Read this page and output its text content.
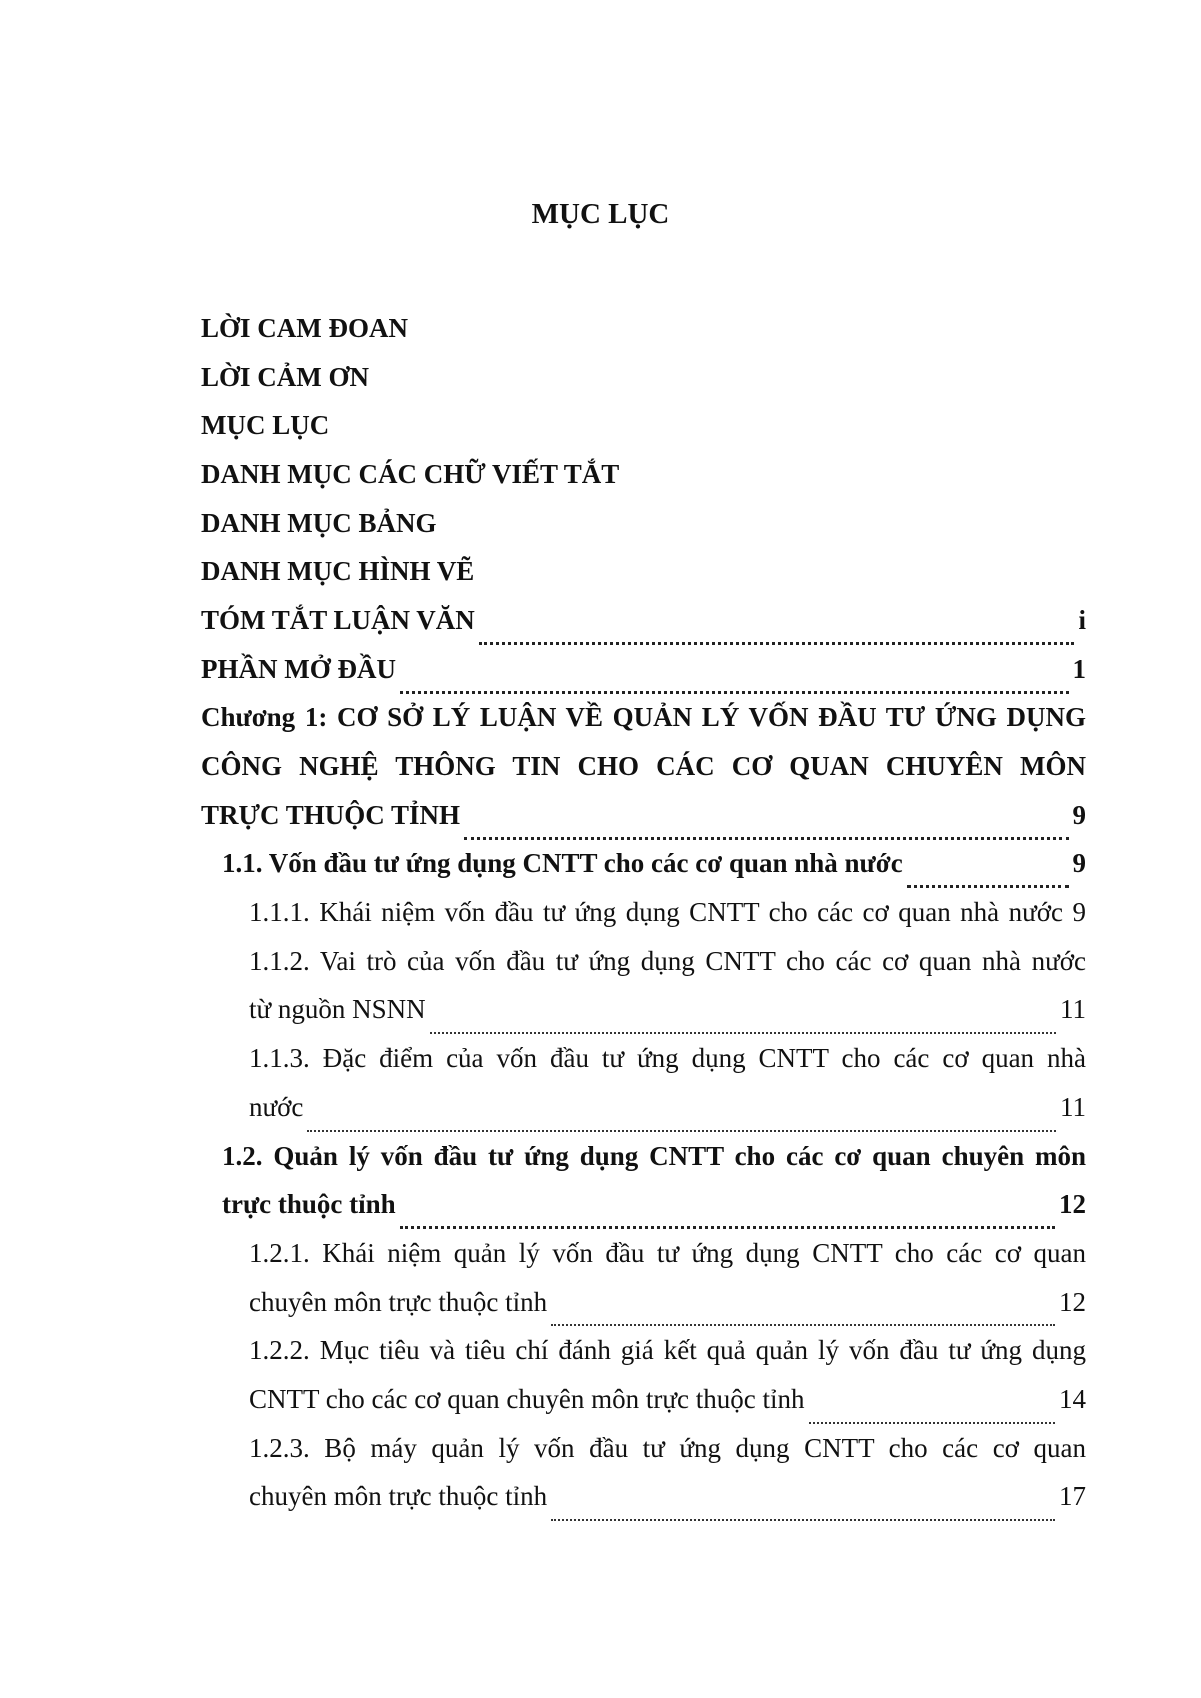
MỤC LỤC
LỜI CAM ĐOAN
LỜI CẢM ƠN
MỤC LỤC
DANH MỤC CÁC CHỮ VIẾT TẮT
DANH MỤC BẢNG
DANH MỤC HÌNH VẼ
TÓM TẮT LUẬN VĂN	i
PHẦN MỞ ĐẦU	1
Chương 1: CƠ SỞ LÝ LUẬN VỀ QUẢN LÝ VỐN ĐẦU TƯ ỨNG DỤNG
CÔNG NGHỆ THÔNG TIN CHO CÁC CƠ QUAN CHUYÊN MÔN
TRỰC THUỘC TỈNH	9
1.1. Vốn đầu tư ứng dụng CNTT cho các cơ quan nhà nước	9
1.1.1. Khái niệm vốn đầu tư ứng dụng CNTT cho các cơ quan nhà nước 9
1.1.2. Vai trò của vốn đầu tư ứng dụng CNTT cho các cơ quan nhà nước
từ nguồn NSNN	11
1.1.3. Đặc điểm của vốn đầu tư ứng dụng CNTT cho các cơ quan nhà
nước	11
1.2. Quản lý vốn đầu tư ứng dụng CNTT cho các cơ quan chuyên môn
trực thuộc tỉnh	12
1.2.1. Khái niệm quản lý vốn đầu tư ứng dụng CNTT cho các cơ quan
chuyên môn trực thuộc tỉnh	12
1.2.2. Mục tiêu và tiêu chí đánh giá kết quả quản lý vốn đầu tư ứng dụng
CNTT cho các cơ quan chuyên môn trực thuộc tỉnh	14
1.2.3. Bộ máy quản lý vốn đầu tư ứng dụng CNTT cho các cơ quan
chuyên môn trực thuộc tỉnh	17
